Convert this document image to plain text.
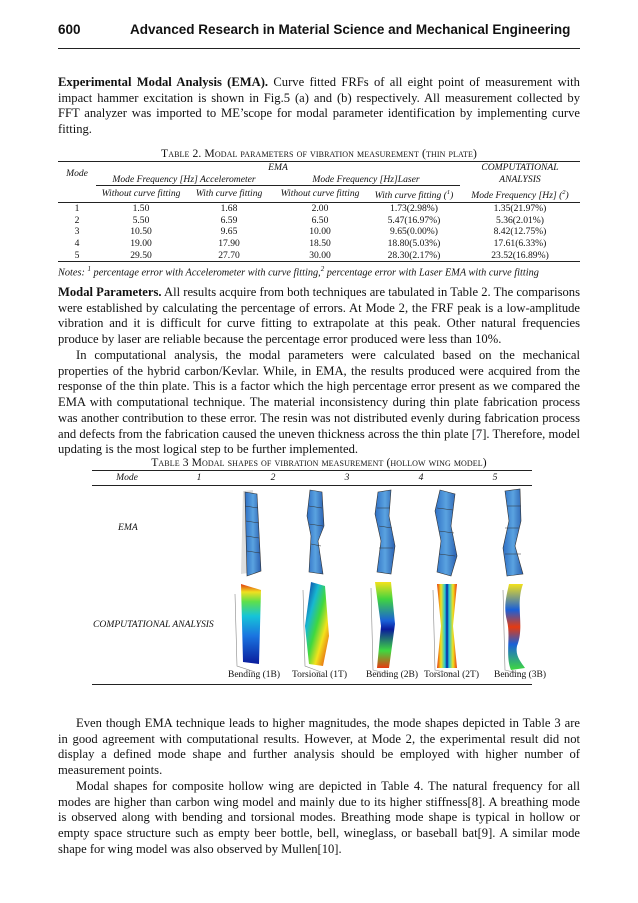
600	Advanced Research in Material Science and Mechanical Engineering
Experimental Modal Analysis (EMA). Curve fitted FRFs of all eight point of measurement with impact hammer excitation is shown in Fig.5 (a) and (b) respectively. All measurement collected by FFT analyzer was imported to ME’scope for modal parameter identification by implementing curve fitting.
Table 2. Modal parameters of vibration measurement (thin plate)
Mode	EMA				COMPUTATIONAL
	Mode Frequency [Hz] Accelerometer		Mode Frequency [Hz]Laser		ANALYSIS
	Without curve fitting	With curve fitting	Without curve fitting	With curve fitting ($^1$)	Mode Frequency [Hz] ($^2$)
1	1.50	1.68	2.00	1.73(2.98%)	1.35(21.97%)
2	5.50	6.59	6.50	5.47(16.97%)	5.36(2.01%)
3	10.50	9.65	10.00	9.65(0.00%)	8.42(12.75%)
4	19.00	17.90	18.50	18.80(5.03%)	17.61(6.33%)
5	29.50	27.70	30.00	28.30(2.17%)	23.52(16.89%)
Notes: $^1$ percentage error with Accelerometer with curve fitting,$^2$ percentage error with Laser EMA with curve fitting
Modal Parameters. All results acquire from both techniques are tabulated in Table 2. The comparisons were established by calculating the percentage of errors. At Mode 2, the FRF peak is a low-amplitude vibration and it is difficult for curve fitting to extrapolate at this peak. Other natural frequencies produce by laser are reliable because the percentage error produced were less than 10%.
In computational analysis, the modal parameters were calculated based on the mechanical properties of the hybrid carbon/Kevlar. While, in EMA, the results produced were acquired from the response of the thin plate. This is a factor which the high percentage error present as we compared the EMA with computational technique. The material inconsistency during thin plate fabrication process was another contribution to these error. The resin was not distributed evenly during fabrication process and defects from the fabrication caused the uneven thickness across the thin plate [7]. Therefore, model updating is the most logical step to be further implemented.
Table 3 Modal shapes of vibration measurement (hollow wing model)
Mode	1	2	3	4	5
EMA
COMPUTATIONAL ANALYSIS
Bending (1B) Torsional (1T) Bending (2B) Torsional (2T) Bending (3B)
Even though EMA technique leads to higher magnitudes, the mode shapes depicted in Table 3 are in good agreement with computational results. However, at Mode 2, the experimental result did not display a defined mode shape and further analysis should be employed with higher number of measurement points.
Modal shapes for composite hollow wing are depicted in Table 4. The natural frequency for all modes are higher than carbon wing model and mainly due to its higher stiffness[8]. A breathing mode is observed along with bending and torsional modes. Breathing mode shape is typical in hollow or empty space structure such as empty beer bottle, bell, wineglass, or baseball bat[9]. A similar mode shape for wing model was also observed by Mullen[10].
